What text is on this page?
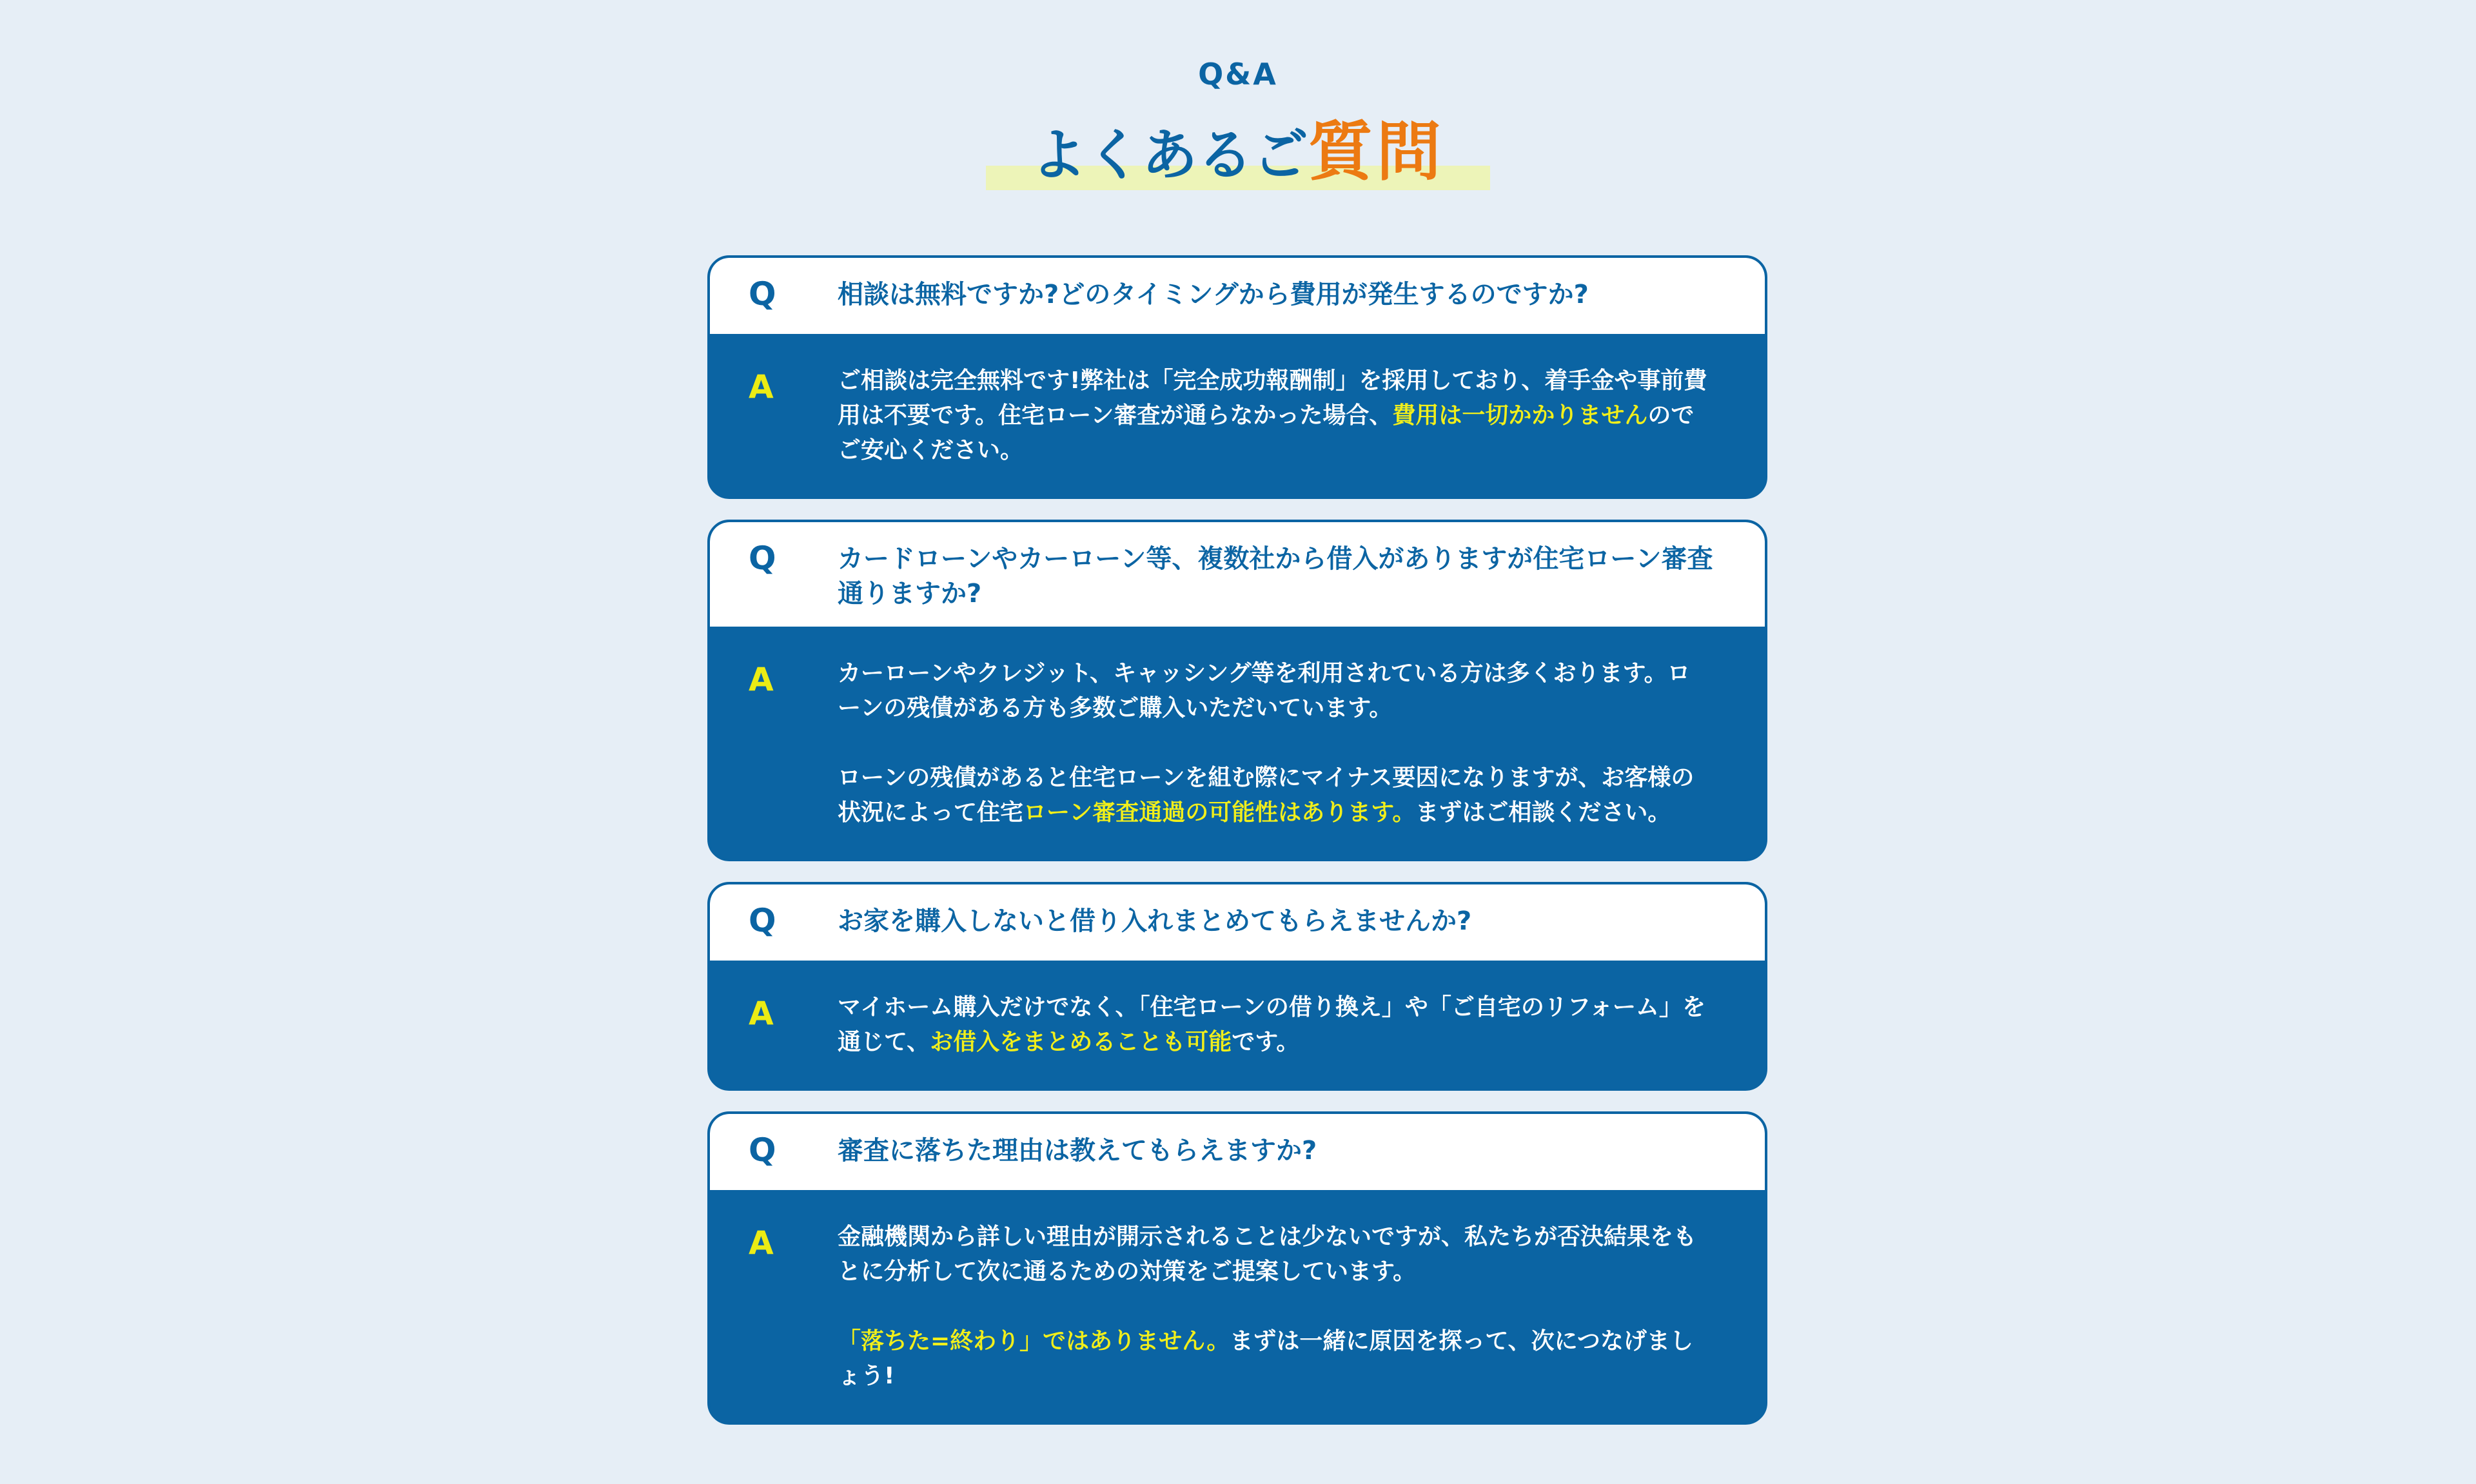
Q&A
よくあるご質問
Q	相談は無料ですか?どのタイミングから費用が発生するのですか?
A	ご相談は完全無料です!弊社は「完全成功報酬制」を採用しており、着手金や事前費用は不要です。住宅ローン審査が通らなかった場合、費用は一切かかりませんのでご安心ください。

Q	カードローンやカーローン等、複数社から借入がありますが住宅ローン審査通りますか?
A	カーローンやクレジット、キャッシング等を利用されている方は多くおります。ローンの残債がある方も多数ご購入いただいています。

ローンの残債があると住宅ローンを組む際にマイナス要因になりますが、お客様の状況によって住宅ローン審査通過の可能性はあります。まずはご相談ください。

Q	お家を購入しないと借り入れまとめてもらえませんか?
A	マイホーム購入だけでなく、「住宅ローンの借り換え」や「ご自宅のリフォーム」を通じて、お借入をまとめることも可能です。

Q	審査に落ちた理由は教えてもらえますか?
A	金融機関から詳しい理由が開示されることは少ないですが、私たちが否決結果をもとに分析して次に通るための対策をご提案しています。

「落ちた=終わり」ではありません。まずは一緒に原因を探って、次につなげましょう!
